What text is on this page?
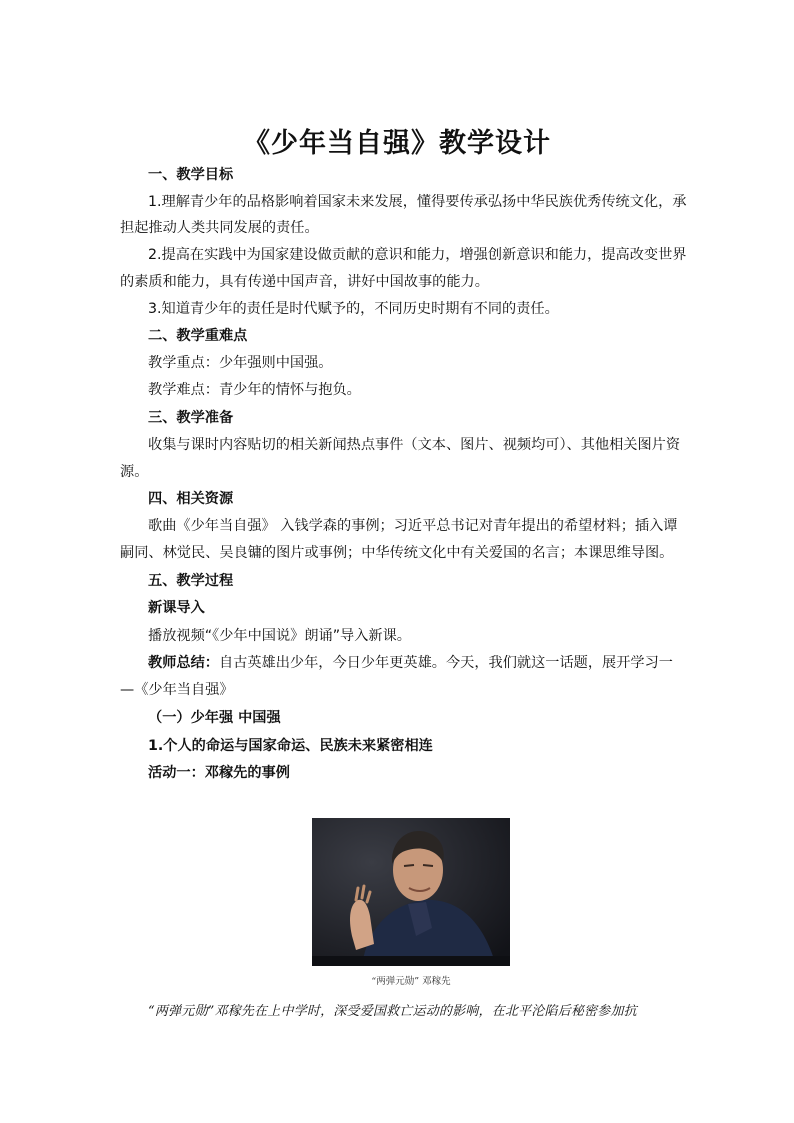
《少年当自强》教学设计
一、教学目标
1.理解青少年的品格影响着国家未来发展，懂得要传承弘扬中华民族优秀传统文化，承
担起推动人类共同发展的责任。
2.提高在实践中为国家建设做贡献的意识和能力，增强创新意识和能力，提高改变世界
的素质和能力，具有传递中国声音，讲好中国故事的能力。
3.知道青少年的责任是时代赋予的，不同历史时期有不同的责任。
二、教学重难点
教学重点：少年强则中国强。
教学难点：青少年的情怀与抱负。
三、教学准备
收集与课时内容贴切的相关新闻热点事件（文本、图片、视频均可）、其他相关图片资
源。
四、相关资源
歌曲《少年当自强》 入钱学森的事例；习近平总书记对青年提出的希望材料；插入谭
嗣同、林觉民、吴良镛的图片或事例；中华传统文化中有关爱国的名言；本课思维导图。
五、教学过程
新课导入
播放视频“《少年中国说》朗诵”导入新课。
教师总结：自古英雄出少年，今日少年更英雄。今天，我们就这一话题，展开学习一
—《少年当自强》
（一）少年强 中国强
1.个人的命运与国家命运、民族未来紧密相连
活动一：邓稼先的事例
“两弹元勋” 邓稼先
“两弹元勋”邓稼先在上中学时，深受爱国救亡运动的影响，在北平沦陷后秘密参加抗
